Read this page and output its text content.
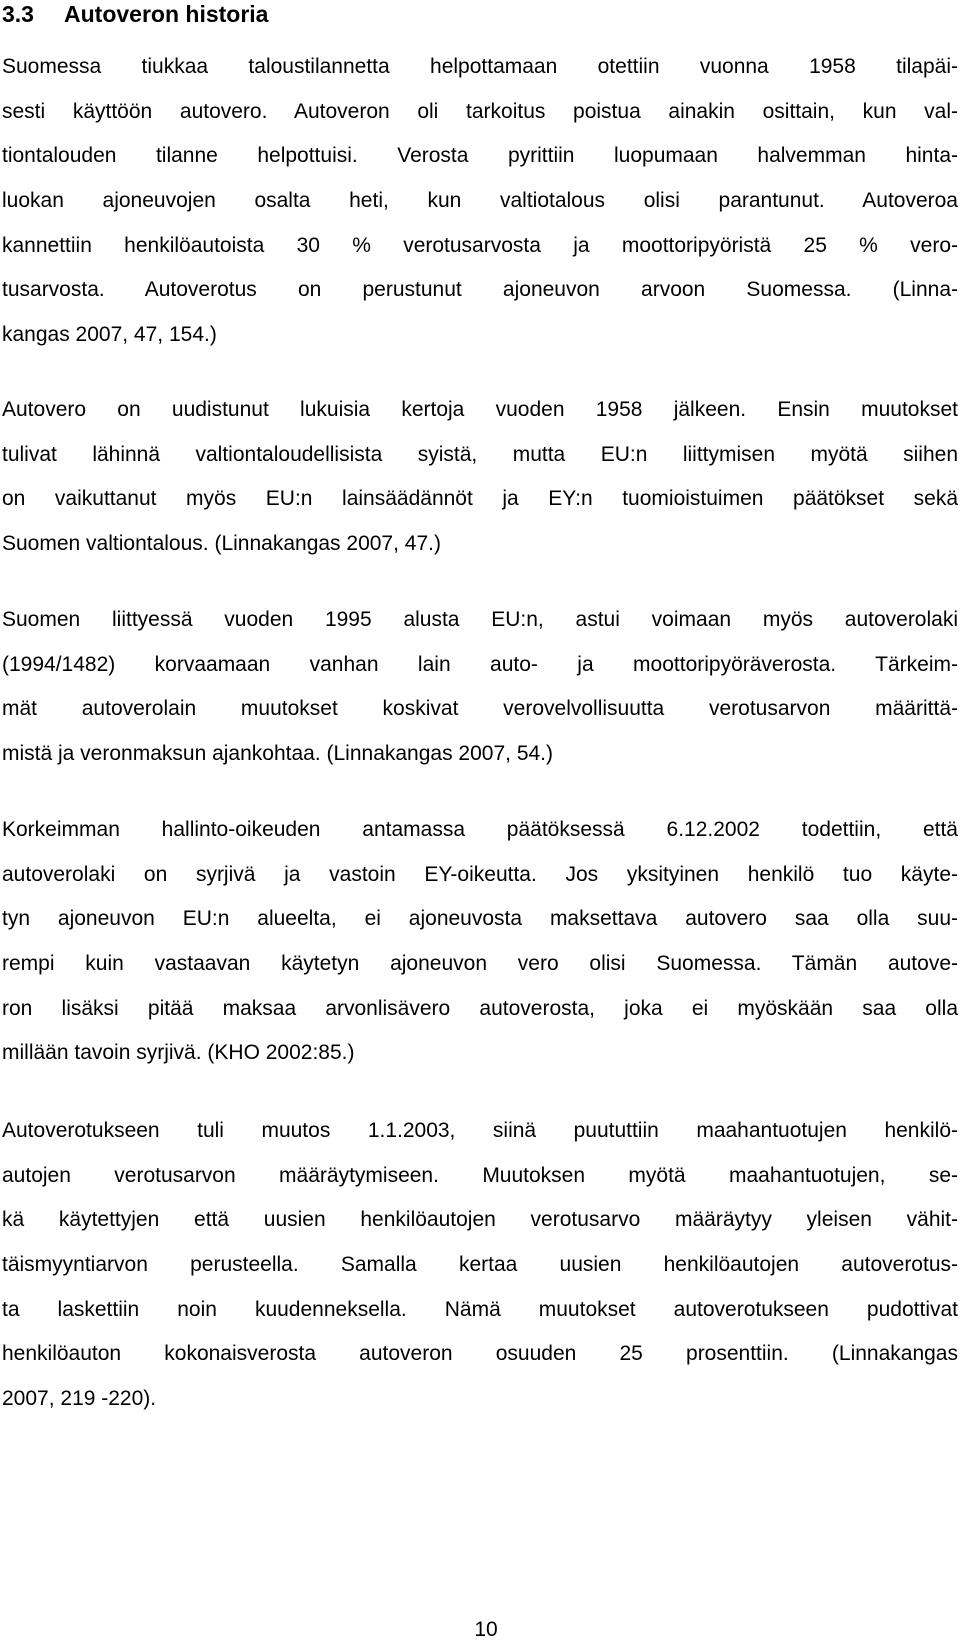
3.3 Autoveron historia

Suomessa tiukkaa taloustilannetta helpottamaan otettiin vuonna 1958 tilapäi-
sesti käyttöön autovero. Autoveron oli tarkoitus poistua ainakin osittain, kun val-
tiontalouden tilanne helpottuisi. Verosta pyrittiin luopumaan halvemman hinta-
luokan ajoneuvojen osalta heti, kun valtiotalous olisi parantunut. Autoveroa
kannettiin henkilöautoista 30 % verotusarvosta ja moottoripyöristä 25 % vero-
tusarvosta. Autoverotus on perustunut ajoneuvon arvoon Suomessa. (Linna-
kangas 2007, 47, 154.)

Autovero on uudistunut lukuisia kertoja vuoden 1958 jälkeen. Ensin muutokset
tulivat lähinnä valtiontaloudellisista syistä, mutta EU:n liittymisen myötä siihen
on vaikuttanut myös EU:n lainsäädännöt ja EY:n tuomioistuimen päätökset sekä
Suomen valtiontalous. (Linnakangas 2007, 47.)

Suomen liittyessä vuoden 1995 alusta EU:n, astui voimaan myös autoverolaki
(1994/1482) korvaamaan vanhan lain auto- ja moottoripyöräverosta. Tärkeim-
mät autoverolain muutokset koskivat verovelvollisuutta verotusarvon määrittä-
mistä ja veronmaksun ajankohtaa. (Linnakangas 2007, 54.)

Korkeimman hallinto-oikeuden antamassa päätöksessä 6.12.2002 todettiin, että
autoverolaki on syrjivä ja vastoin EY-oikeutta. Jos yksityinen henkilö tuo käyte-
tyn ajoneuvon EU:n alueelta, ei ajoneuvosta maksettava autovero saa olla suu-
rempi kuin vastaavan käytetyn ajoneuvon vero olisi Suomessa. Tämän autove-
ron lisäksi pitää maksaa arvonlisävero autoverosta, joka ei myöskään saa olla
millään tavoin syrjivä. (KHO 2002:85.)

Autoverotukseen tuli muutos 1.1.2003, siinä puututtiin maahantuotujen henkilö-
autojen verotusarvon määräytymiseen. Muutoksen myötä maahantuotujen, se-
kä käytettyjen että uusien henkilöautojen verotusarvo määräytyy yleisen vähit-
täismyyntiarvon perusteella. Samalla kertaa uusien henkilöautojen autoverotus-
ta laskettiin noin kuudenneksella. Nämä muutokset autoverotukseen pudottivat
henkilöauton kokonaisverosta autoveron osuuden 25 prosenttiin. (Linnakangas
2007, 219 -220).

10
